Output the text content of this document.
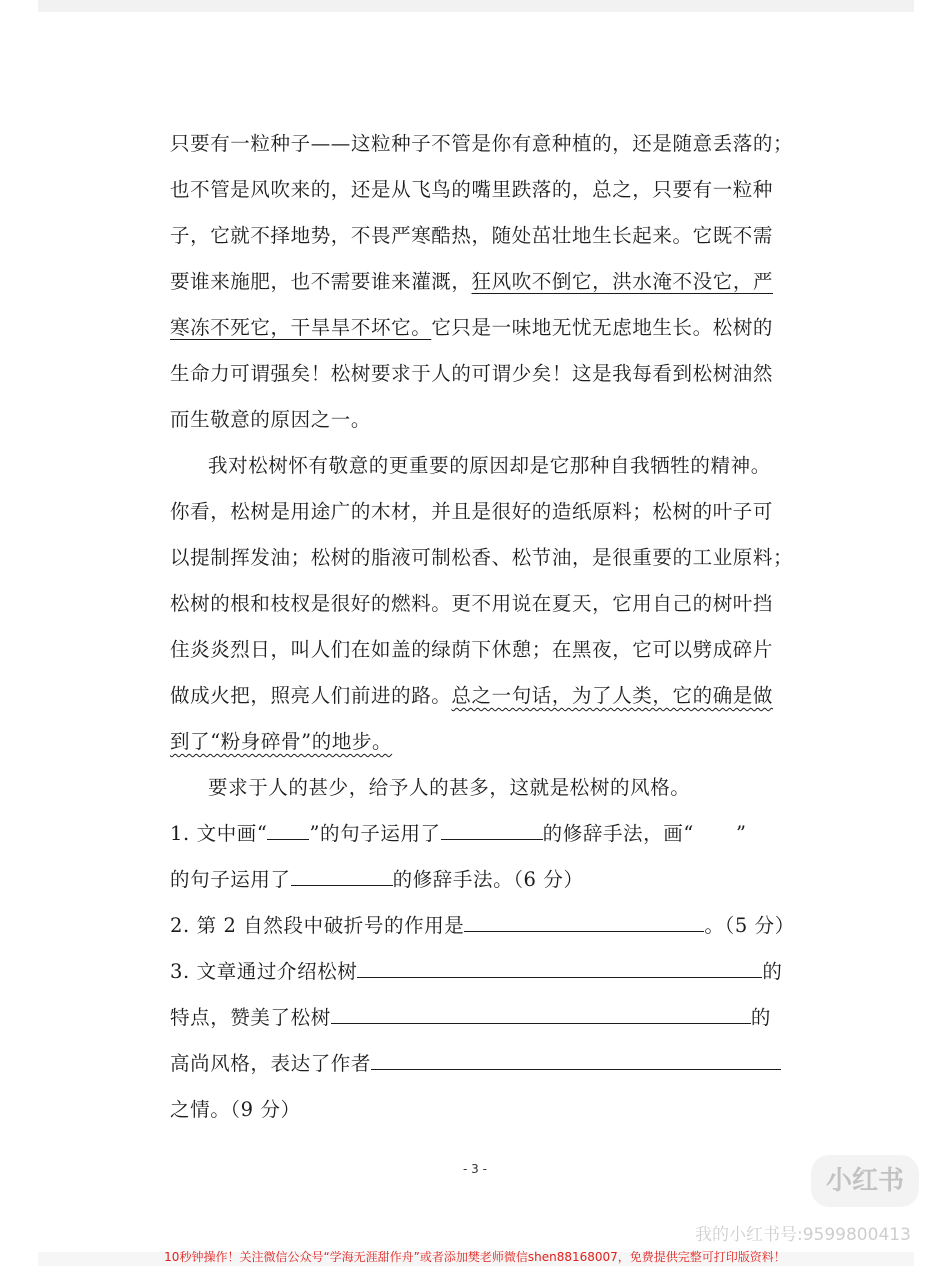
只要有一粒种子——这粒种子不管是你有意种植的，还是随意丢落的；
也不管是风吹来的，还是从飞鸟的嘴里跌落的，总之，只要有一粒种
子，它就不择地势，不畏严寒酷热，随处茁壮地生长起来。它既不需
要谁来施肥，也不需要谁来灌溉，狂风吹不倒它，洪水淹不没它，严
寒冻不死它，干旱旱不坏它。它只是一味地无忧无虑地生长。松树的
生命力可谓强矣！松树要求于人的可谓少矣！这是我每看到松树油然
而生敬意的原因之一。
我对松树怀有敬意的更重要的原因却是它那种自我牺牲的精神。
你看，松树是用途广的木材，并且是很好的造纸原料；松树的叶子可
以提制挥发油；松树的脂液可制松香、松节油，是很重要的工业原料；
松树的根和枝杈是很好的燃料。更不用说在夏天，它用自己的树叶挡
住炎炎烈日，叫人们在如盖的绿荫下休憩；在黑夜，它可以劈成碎片
做成火把，照亮人们前进的路。总之一句话，为了人类，它的确是做
到了“粉身碎骨”的地步。
要求于人的甚少，给予人的甚多，这就是松树的风格。
1. 文中画“ ”的句子运用了	的修辞手法，画“ ”
的句子运用了	的修辞手法。（6 分）
2. 第 2 自然段中破折号的作用是	。（5 分）
3. 文章通过介绍松树	的
特点，赞美了松树	的
高尚风格，表达了作者
之情。（9 分）
- 3 -	小红书
我的小红书号:9599800413
10秒钟操作！关注微信公众号“学海无涯甜作舟”或者添加樊老师微信shen88168007，免费提供完整可打印版资料！
